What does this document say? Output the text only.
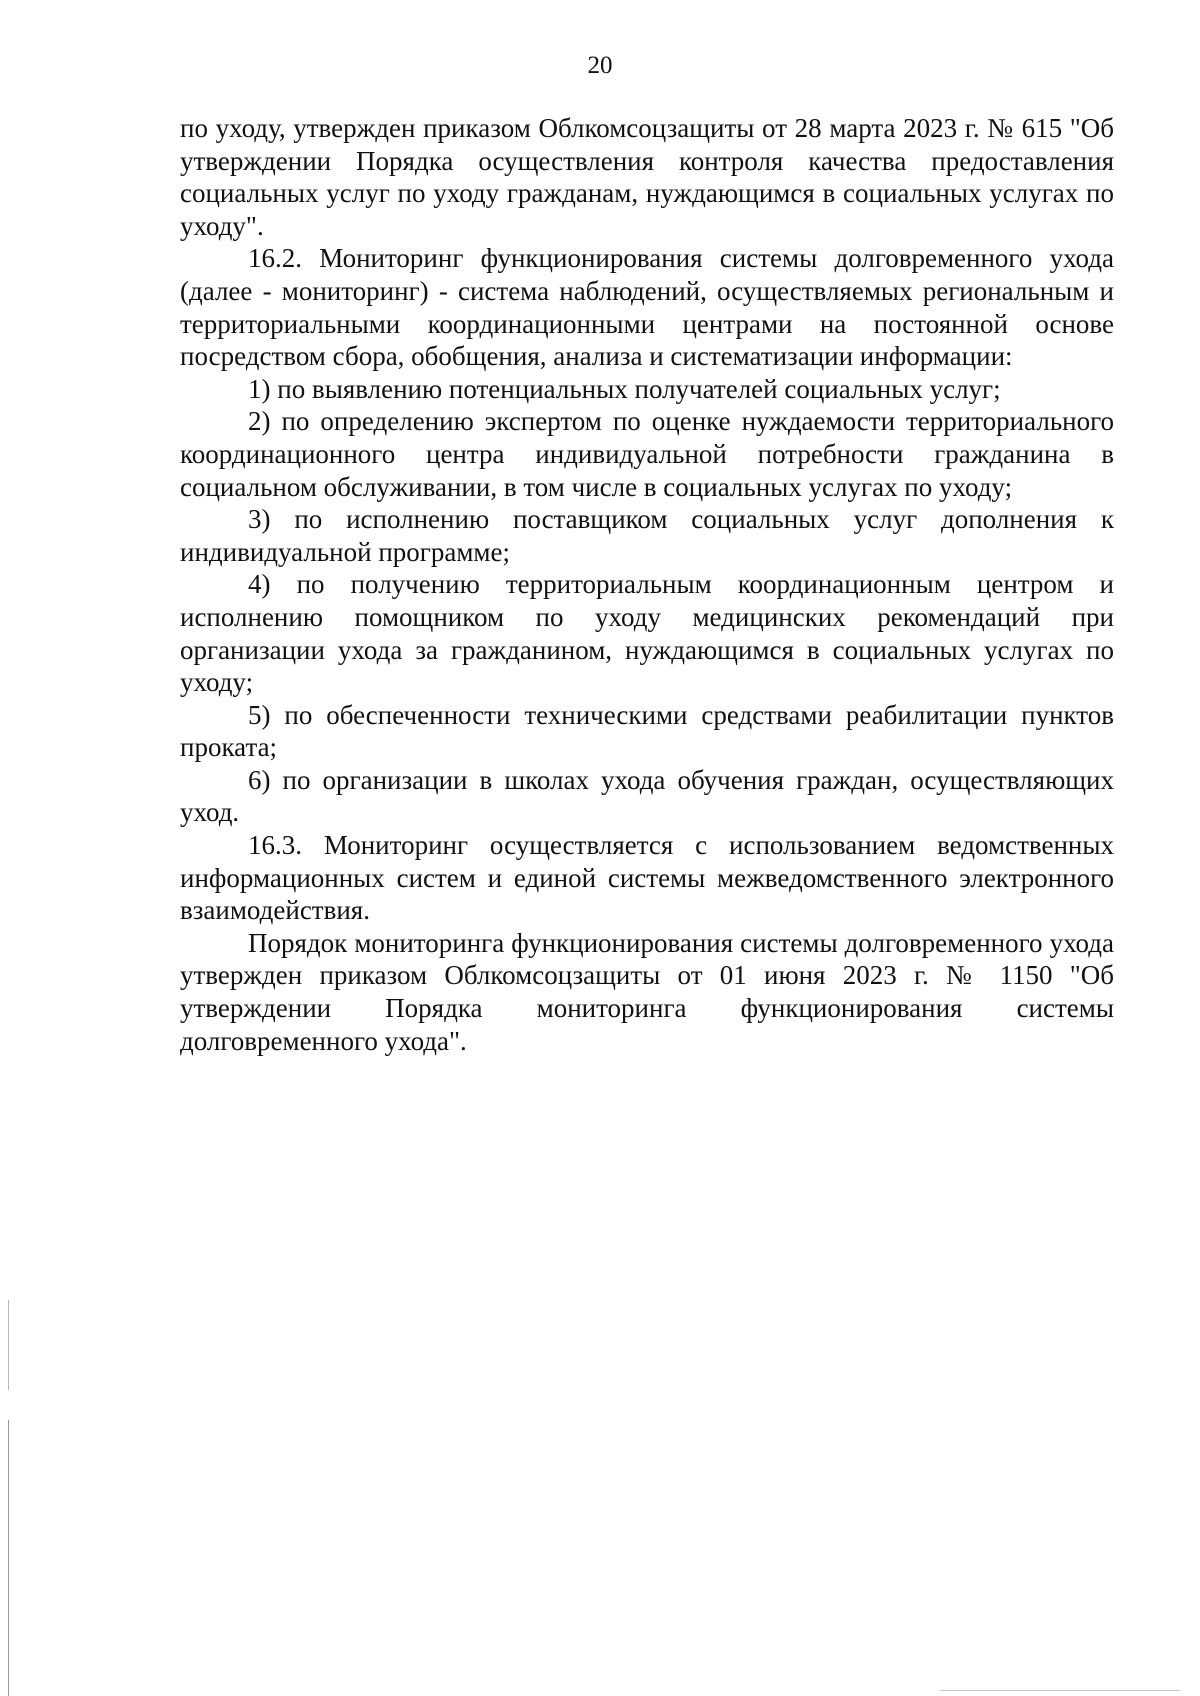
20

по уходу, утвержден приказом Облкомсоцзащиты от 28 марта 2023 г. № 615 "Об утверждении Порядка осуществления контроля качества предоставления социальных услуг по уходу гражданам, нуждающимся в социальных услугах по уходу".

16.2. Мониторинг функционирования системы долговременного ухода (далее - мониторинг) - система наблюдений, осуществляемых региональным и территориальными координационными центрами на постоянной основе посредством сбора, обобщения, анализа и систематизации информации:

1) по выявлению потенциальных получателей социальных услуг;

2) по определению экспертом по оценке нуждаемости территориального координационного центра индивидуальной потребности гражданина в социальном обслуживании, в том числе в социальных услугах по уходу;

3) по исполнению поставщиком социальных услуг дополнения к индивидуальной программе;

4) по получению территориальным координационным центром и исполнению помощником по уходу медицинских рекомендаций при организации ухода за гражданином, нуждающимся в социальных услугах по уходу;

5) по обеспеченности техническими средствами реабилитации пунктов проката;

6) по организации в школах ухода обучения граждан, осуществляющих уход.

16.3. Мониторинг осуществляется с использованием ведомственных информационных систем и единой системы межведомственного электронного взаимодействия.

Порядок мониторинга функционирования системы долговременного ухода утвержден приказом Облкомсоцзащиты от 01 июня 2023 г. № 1150 "Об утверждении Порядка мониторинга функционирования системы долговременного ухода".
